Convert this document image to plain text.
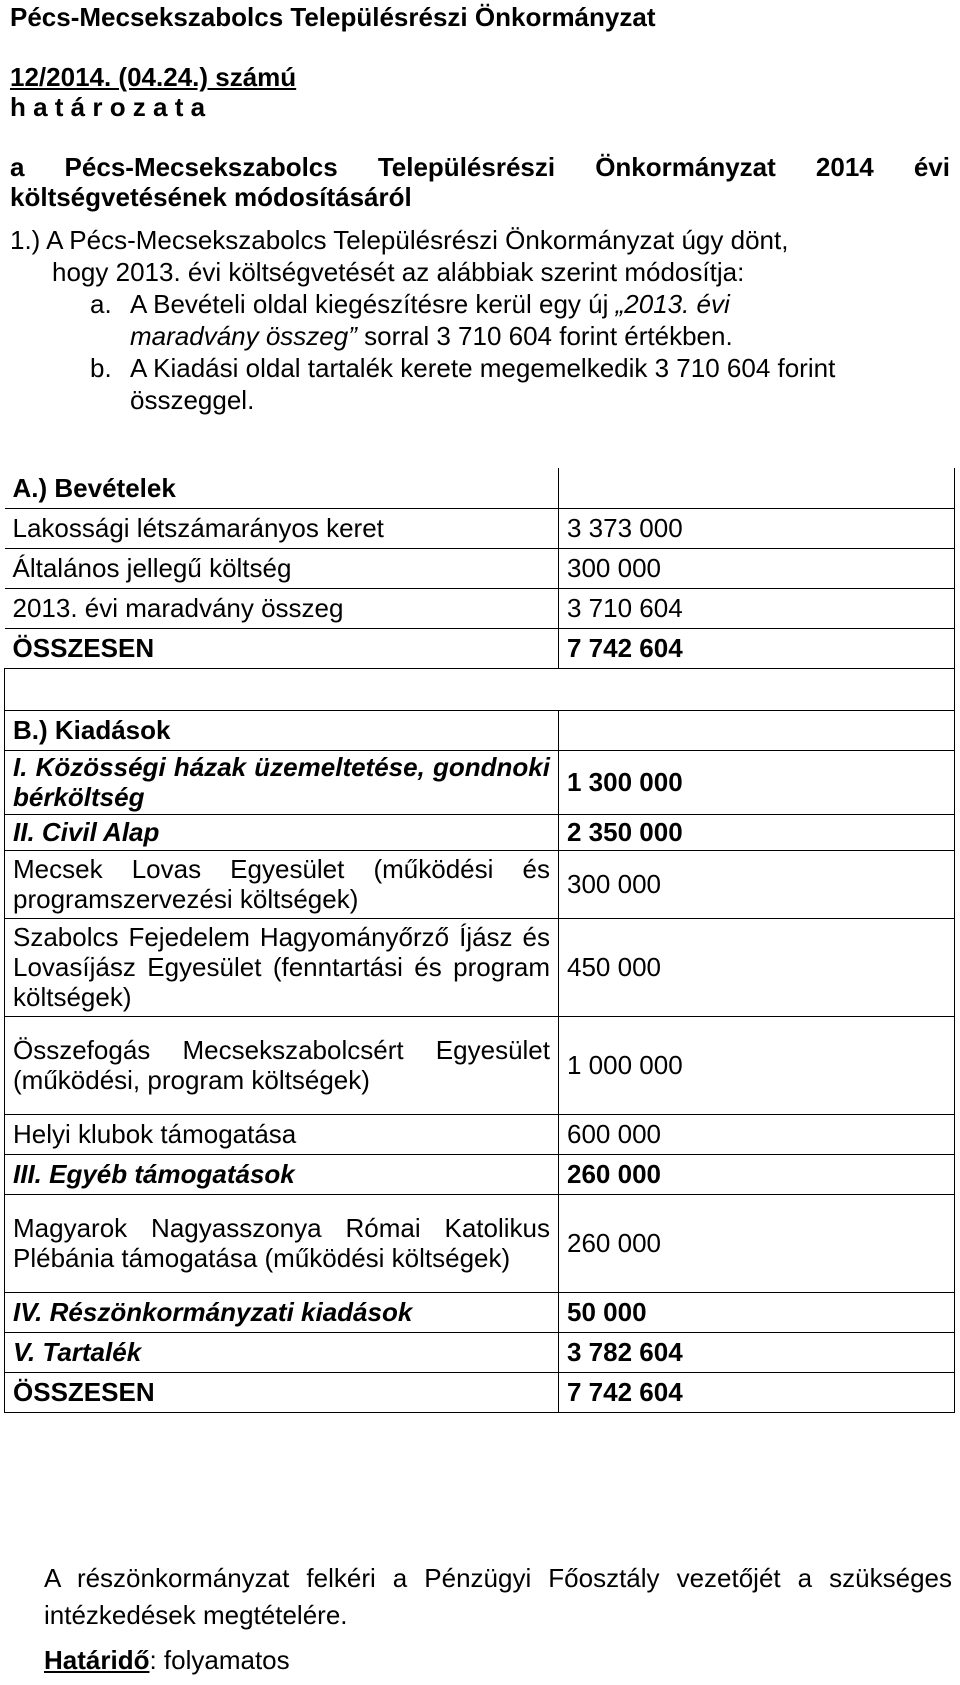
Pécs-Mecsekszabolcs Településrészi Önkormányzat
12/2014. (04.24.) számú
h a t á r o z a t a
a Pécs-Mecsekszabolcs Településrészi Önkormányzat 2014 évi
költségvetésének módosításáról
1.) A Pécs-Mecsekszabolcs Településrészi Önkormányzat úgy dönt,
hogy 2013. évi költségvetését az alábbiak szerint módosítja:
a. A Bevételi oldal kiegészítésre kerül egy új „2013. évi
maradvány összeg” sorral 3 710 604 forint értékben.
b. A Kiadási oldal tartalék kerete megemelkedik 3 710 604 forint
összeggel.
A.) Bevételek	
Lakossági létszámarányos keret	3 373 000
Általános jellegű költség	300 000
2013. évi maradvány összeg	3 710 604
ÖSSZESEN	7 742 604

B.) Kiadások	
I. Közösségi házak üzemeltetése, gondnoki bérköltség	1 300 000
II. Civil Alap	2 350 000
Mecsek Lovas Egyesület (működési és programszervezési költségek)	300 000
Szabolcs Fejedelem Hagyományőrző Íjász és Lovasíjász Egyesület (fenntartási és program költségek)	450 000
Összefogás Mecsekszabolcsért Egyesület (működési, program költségek)	1 000 000
Helyi klubok támogatása	600 000
III. Egyéb támogatások	260 000
Magyarok Nagyasszonya Római Katolikus Plébánia támogatása (működési költségek)	260 000
IV. Részönkormányzati kiadások	50 000
V. Tartalék	3 782 604
ÖSSZESEN	7 742 604
A részönkormányzat felkéri a Pénzügyi Főosztály vezetőjét a szükséges intézkedések megtételére.
Határidő: folyamatos
